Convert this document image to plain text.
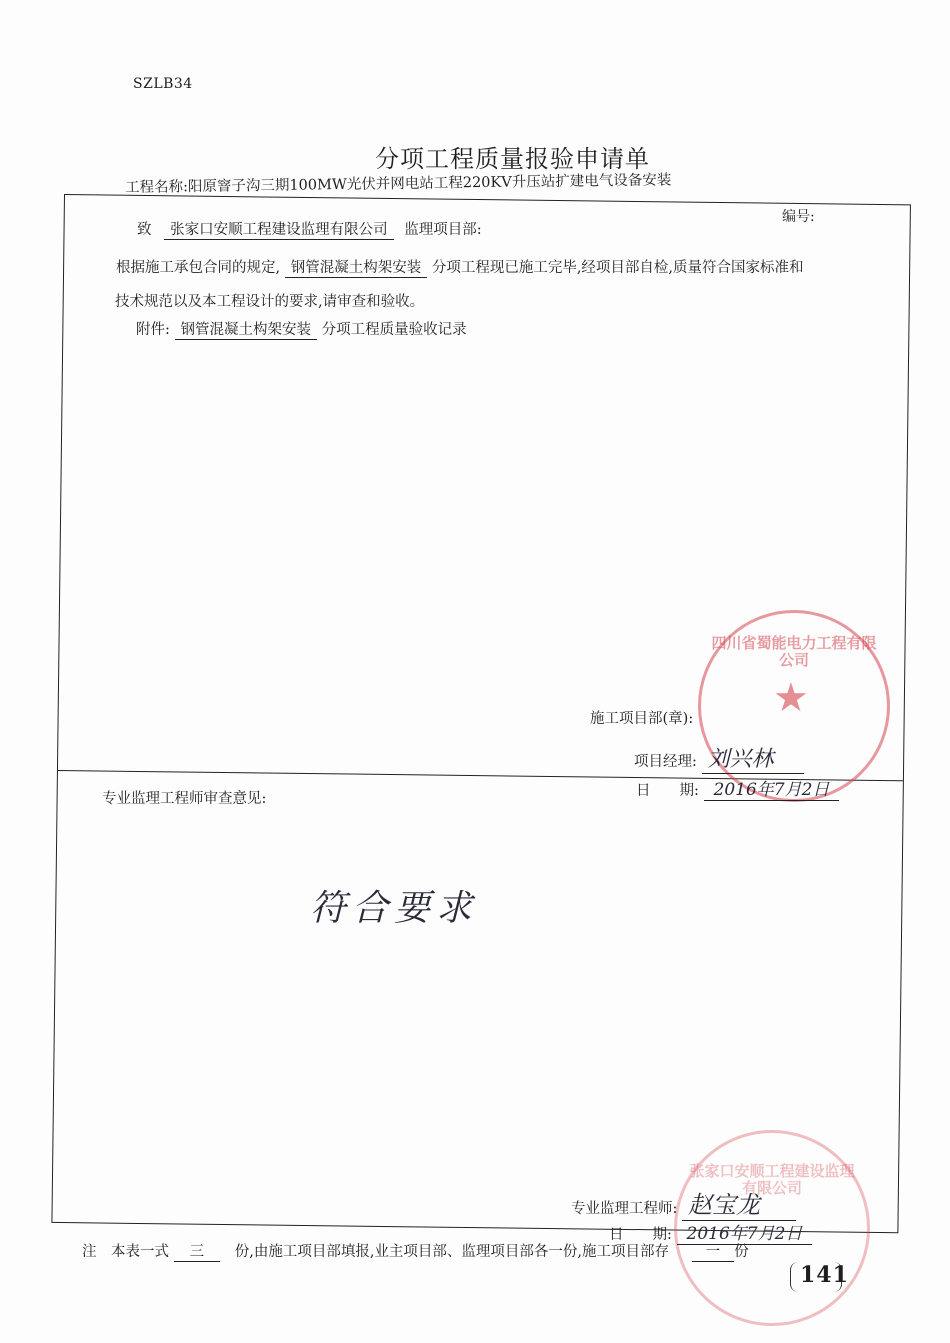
SZLB34
分项工程质量报验申请单
工程名称:阳原窨子沟三期100MW光伏并网电站工程220KV升压站扩建电气设备安装
编号:
致 张家口安顺工程建设监理有限公司 监理项目部:
根据施工承包合同的规定, 钢管混凝土构架安装 分项工程现已施工完毕,经项目部自检,质量符合国家标准和
技术规范以及本工程设计的要求,请审查和验收。
附件: 钢管混凝土构架安装 分项工程质量验收记录
★
四川省蜀能电力工程有限公司
施工项目部(章):
项目经理: 刘兴林
日　　期: 2016年7月2日
专业监理工程师审查意见:
符合要求
张家口安顺工程建设监理有限公司
专业监理工程师: 赵宝龙
日　　期: 2016年7月2日
注　本表一式 三 份,由施工项目部填报,业主项目部、监理项目部各一份,施工项目部存	一 份
141
